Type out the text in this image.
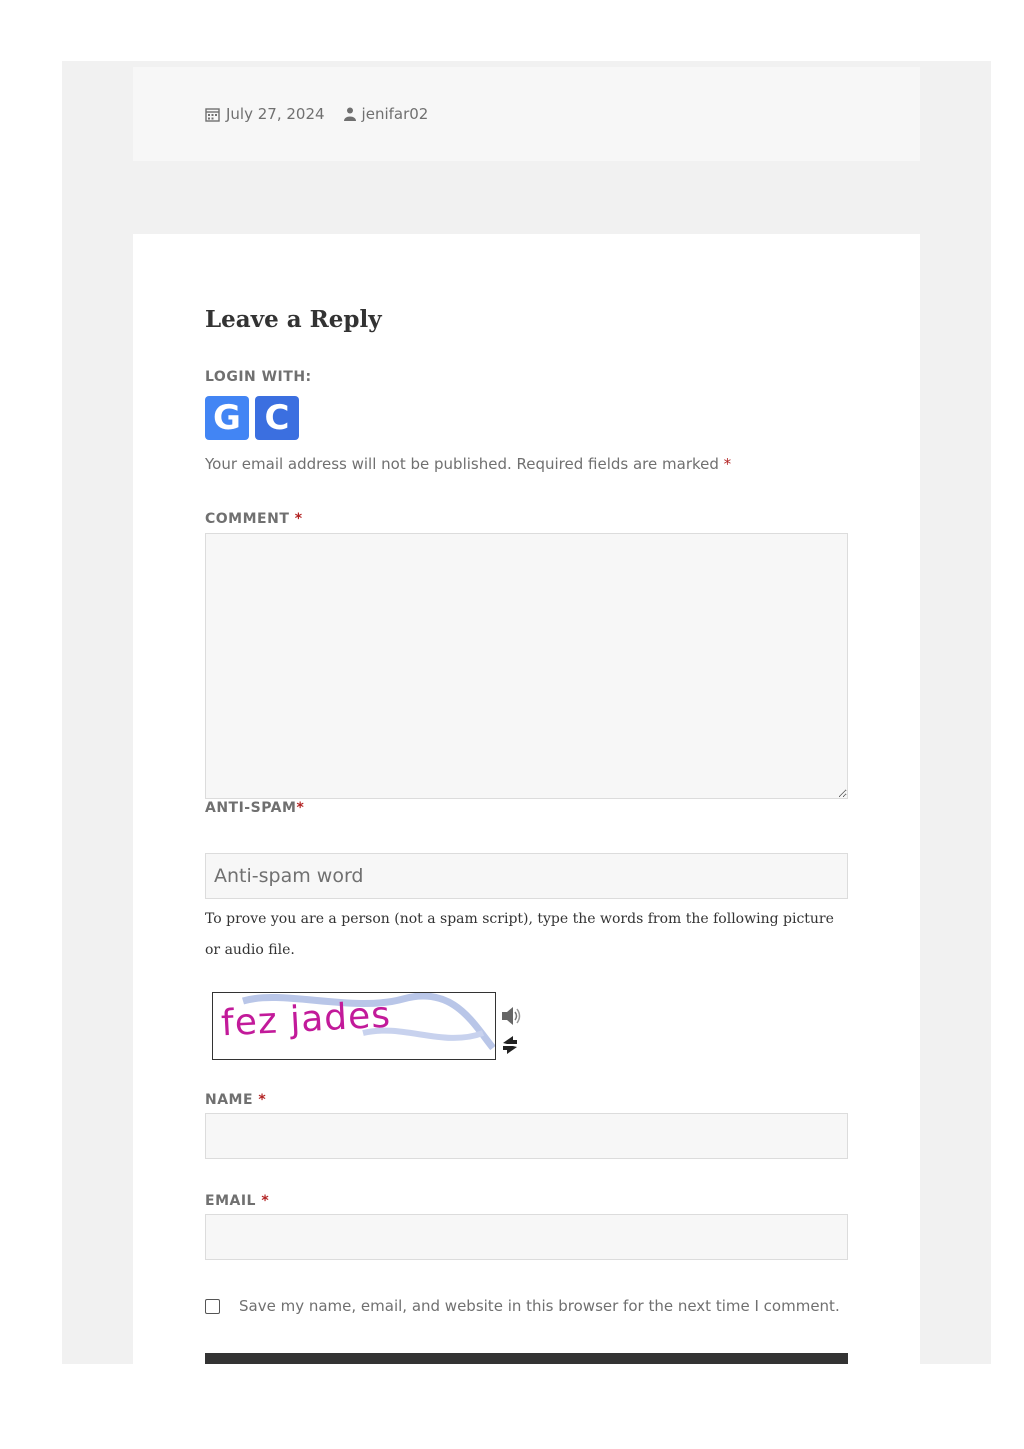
July 27, 2024 jenifar02
Leave a Reply
LOGIN WITH:
G C
Your email address will not be published. Required fields are marked *
COMMENT *
ANTI-SPAM*
Anti-spam word
To prove you are a person (not a spam script), type the words from the following picture or audio file.
fez jades
NAME *
EMAIL *
Save my name, email, and website in this browser for the next time I comment.
